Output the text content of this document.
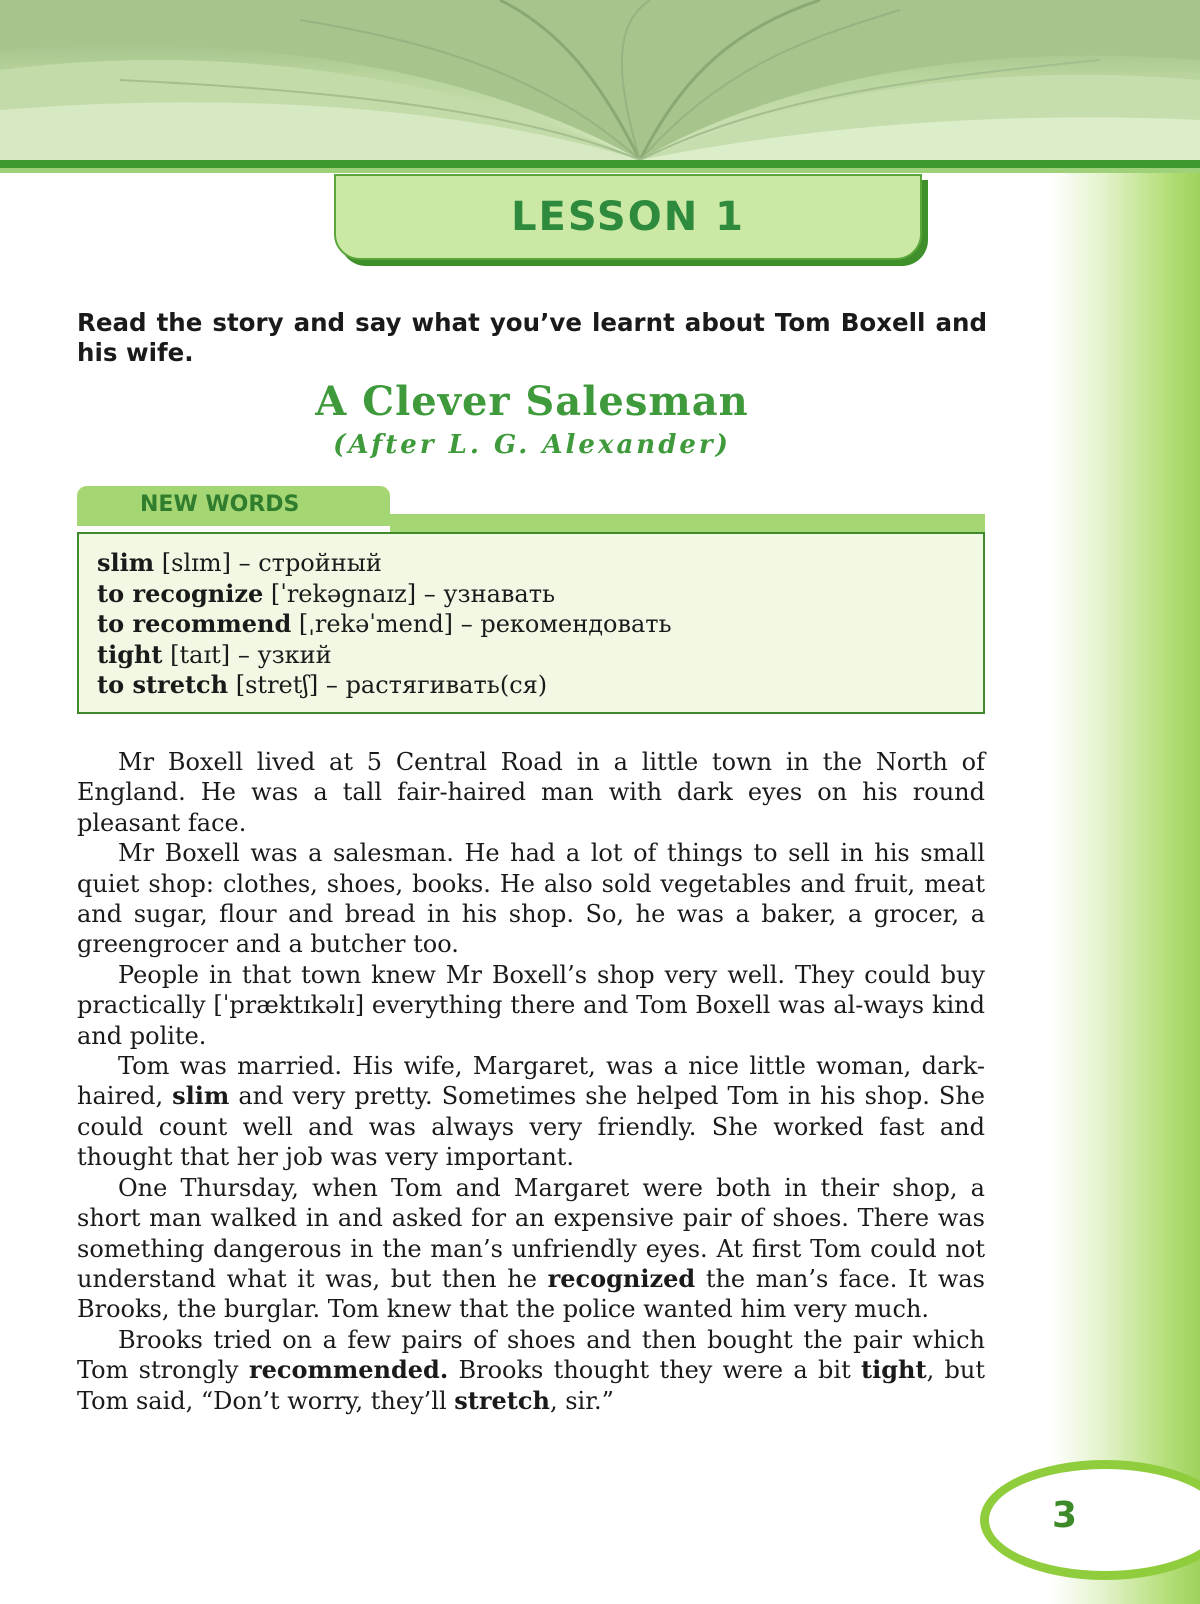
LESSON 1
Read the story and say what you’ve learnt about Tom Boxell and his wife.
A Clever Salesman
(After L. G. Alexander)
NEW WORDS
slim [slɪm] – стройный
to recognize [ˈrekəgnaɪz] – узнавать
to recommend [ˌrekəˈmend] – рекомендовать
tight [taɪt] – узкий
to stretch [stretʃ] – растягивать(ся)

Mr Boxell lived at 5 Central Road in a little town in the North of England. He was a tall fair-haired man with dark eyes on his round pleasant face.

Mr Boxell was a salesman. He had a lot of things to sell in his small quiet shop: clothes, shoes, books. He also sold vegetables and fruit, meat and sugar, flour and bread in his shop. So, he was a baker, a grocer, a greengrocer and a butcher too.

People in that town knew Mr Boxell’s shop very well. They could buy practically [ˈpræktɪkəlɪ] everything there and Tom Boxell was al-ways kind and polite.

Tom was married. His wife, Margaret, was a nice little woman, dark-haired, slim and very pretty. Sometimes she helped Tom in his shop. She could count well and was always very friendly. She worked fast and thought that her job was very important.

One Thursday, when Tom and Margaret were both in their shop, a short man walked in and asked for an expensive pair of shoes. There was something dangerous in the man’s unfriendly eyes. At first Tom could not understand what it was, but then he recognized the man’s face. It was Brooks, the burglar. Tom knew that the police wanted him very much.

Brooks tried on a few pairs of shoes and then bought the pair which Tom strongly recommended. Brooks thought they were a bit tight, but Tom said, “Don’t worry, they’ll stretch, sir.”

3
